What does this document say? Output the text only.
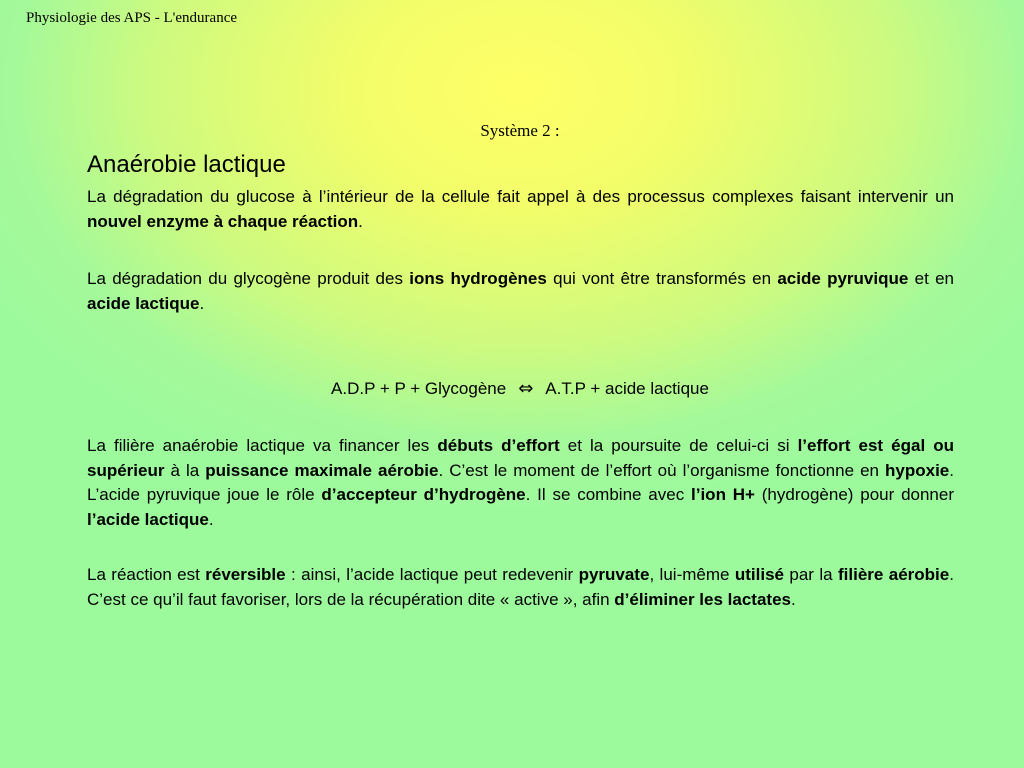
Physiologie des APS - L'endurance
Système 2 :
Anaérobie lactique

La dégradation du glucose à l’intérieur de la cellule fait appel à des processus complexes faisant intervenir un nouvel enzyme à chaque réaction.

La dégradation du glycogène produit des ions hydrogènes qui vont être transformés en acide pyruvique et en acide lactique.

A.D.P + P + Glycogène ⇔ A.T.P + acide lactique

La filière anaérobie lactique va financer les débuts d’effort et la poursuite de celui-ci si l’effort est égal ou supérieur à la puissance maximale aérobie. C’est le moment de l’effort où l’organisme fonctionne en hypoxie. L’acide pyruvique joue le rôle d’accepteur d’hydrogène. Il se combine avec l’ion H+ (hydrogène) pour donner l’acide lactique.

La réaction est réversible : ainsi, l’acide lactique peut redevenir pyruvate, lui-même utilisé par la filière aérobie. C’est ce qu’il faut favoriser, lors de la récupération dite « active », afin d’éliminer les lactates.
